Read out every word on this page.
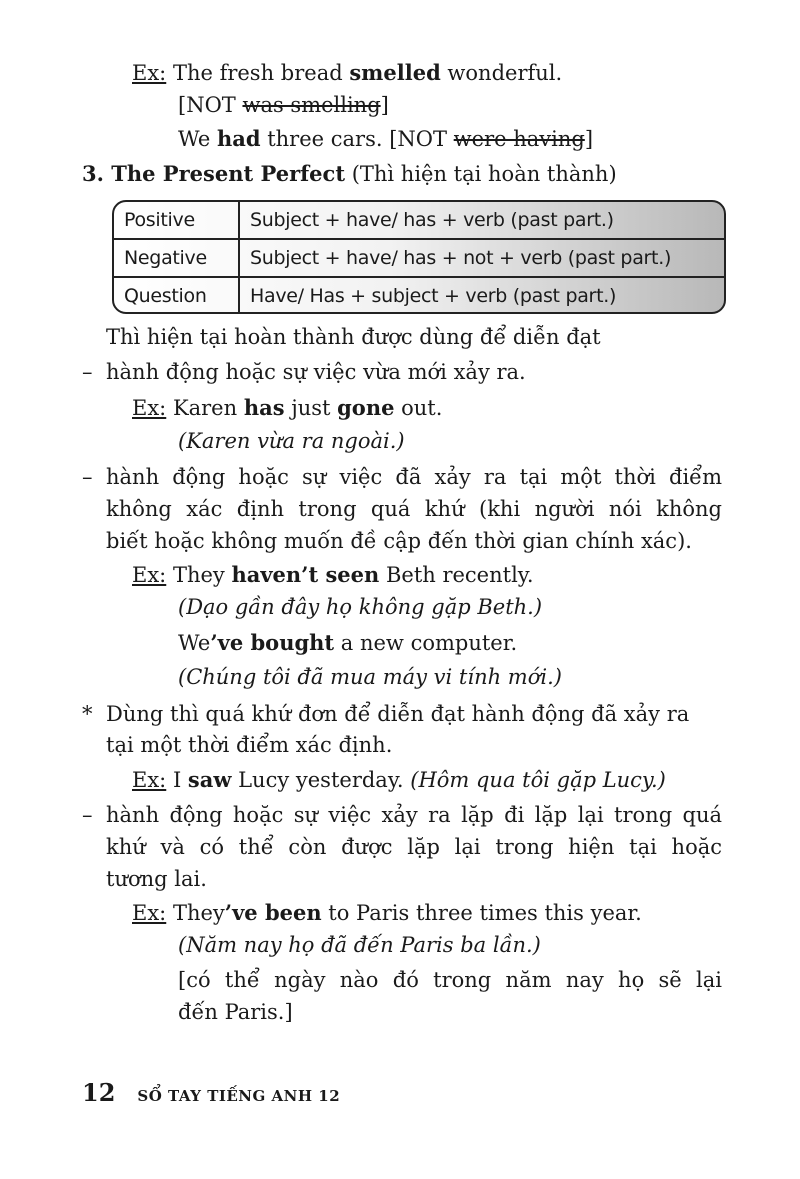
Ex: The fresh bread smelled wonderful.
[NOT was smelling]
We had three cars. [NOT were having]
3. The Present Perfect (Thì hiện tại hoàn thành)
Positive	Subject + have/ has + verb (past part.)
Negative	Subject + have/ has + not + verb (past part.)
Question	Have/ Has + subject + verb (past part.)
Thì hiện tại hoàn thành được dùng để diễn đạt
– hành động hoặc sự việc vừa mới xảy ra.
Ex: Karen has just gone out.
(Karen vừa ra ngoài.)
– hành động hoặc sự việc đã xảy ra tại một thời điểm
không xác định trong quá khứ (khi người nói không
biết hoặc không muốn đề cập đến thời gian chính xác).
Ex: They haven’t seen Beth recently.
(Dạo gần đây họ không gặp Beth.)
We’ve bought a new computer.
(Chúng tôi đã mua máy vi tính mới.)
* Dùng thì quá khứ đơn để diễn đạt hành động đã xảy ra
tại một thời điểm xác định.
Ex: I saw Lucy yesterday. (Hôm qua tôi gặp Lucy.)
– hành động hoặc sự việc xảy ra lặp đi lặp lại trong quá
khứ và có thể còn được lặp lại trong hiện tại hoặc
tương lai.
Ex: They’ve been to Paris three times this year.
(Năm nay họ đã đến Paris ba lần.)
[có thể ngày nào đó trong năm nay họ sẽ lại
đến Paris.]
12 SỔ TAY TIẾNG ANH 12
